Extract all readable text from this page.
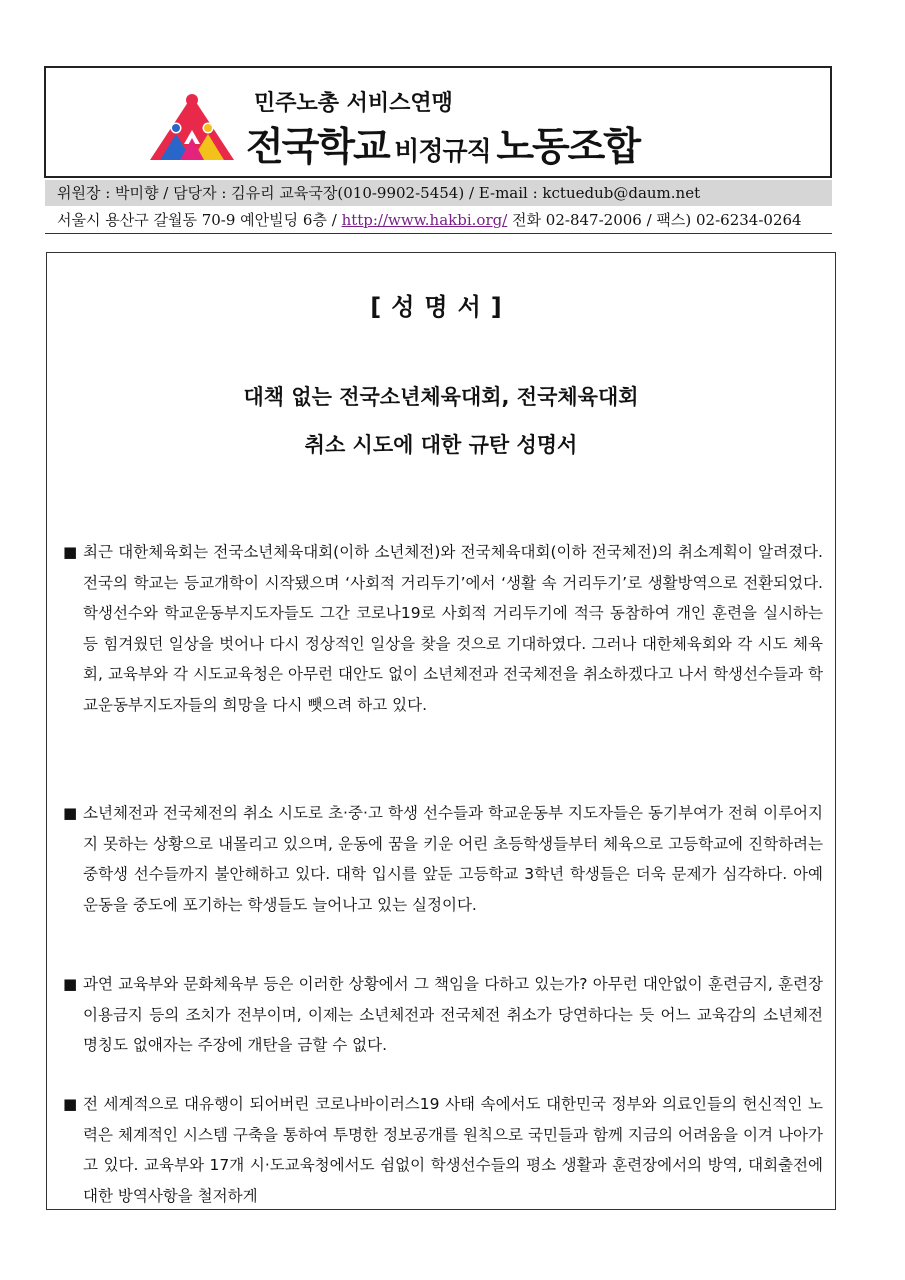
민주노총 서비스연맹
전국학교 비정규직 노동조합
위원장 : 박미향 / 담당자 : 김유리 교육국장(010-9902-5454) / E-mail : kctuedub@daum.net
서울시 용산구 갈월동 70-9 예안빌딩 6층 / http://www.hakbi.org/ 전화 02-847-2006 / 팩스) 02-6234-0264
[성명서]
대책 없는 전국소년체육대회, 전국체육대회
취소 시도에 대한 규탄 성명서
■ 최근 대한체육회는 전국소년체육대회(이하 소년체전)와 전국체육대회(이하 전국체전)의 취소계획이 알려졌다. 전국의 학교는 등교개학이 시작됐으며 ‘사회적 거리두기’에서 ‘생활 속 거리두기’로 생활방역으로 전환되었다. 학생선수와 학교운동부지도자들도 그간 코로나19로 사회적 거리두기에 적극 동참하여 개인 훈련을 실시하는 등 힘겨웠던 일상을 벗어나 다시 정상적인 일상을 찾을 것으로 기대하였다. 그러나 대한체육회와 각 시도 체육회, 교육부와 각 시도교육청은 아무런 대안도 없이 소년체전과 전국체전을 취소하겠다고 나서 학생선수들과 학교운동부지도자들의 희망을 다시 뺏으려 하고 있다.
■ 소년체전과 전국체전의 취소 시도로 초·중·고 학생 선수들과 학교운동부 지도자들은 동기부여가 전혀 이루어지지 못하는 상황으로 내몰리고 있으며, 운동에 꿈을 키운 어린 초등학생들부터 체육으로 고등학교에 진학하려는 중학생 선수들까지 불안해하고 있다. 대학 입시를 앞둔 고등학교 3학년 학생들은 더욱 문제가 심각하다. 아예 운동을 중도에 포기하는 학생들도 늘어나고 있는 실정이다.
■ 과연 교육부와 문화체육부 등은 이러한 상황에서 그 책임을 다하고 있는가? 아무런 대안없이 훈련금지, 훈련장 이용금지 등의 조치가 전부이며, 이제는 소년체전과 전국체전 취소가 당연하다는 듯 어느 교육감의 소년체전 명칭도 없애자는 주장에 개탄을 금할 수 없다.
■ 전 세계적으로 대유행이 되어버린 코로나바이러스19 사태 속에서도 대한민국 정부와 의료인들의 헌신적인 노력은 체계적인 시스템 구축을 통하여 투명한 정보공개를 원칙으로 국민들과 함께 지금의 어려움을 이겨 나아가고 있다. 교육부와 17개 시·도교육청에서도 쉼없이 학생선수들의 평소 생활과 훈련장에서의 방역, 대회출전에 대한 방역사항을 철저하게
